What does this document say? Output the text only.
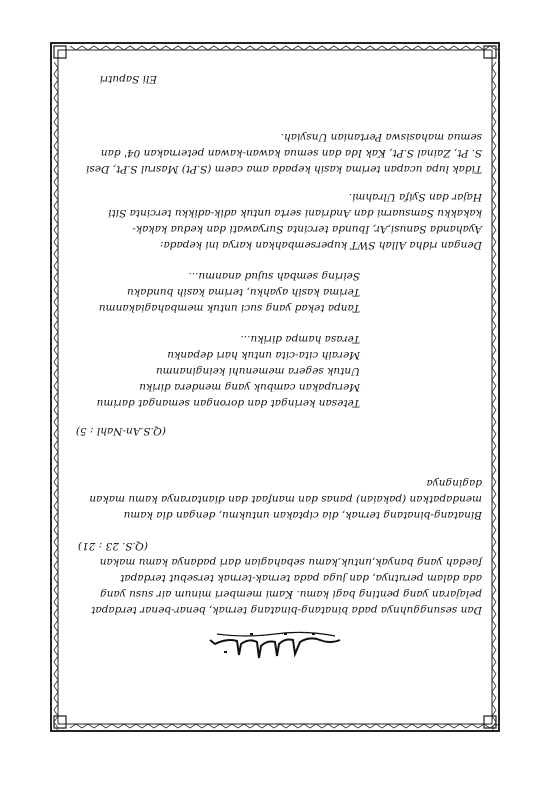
Dan sesungguhnya pada binatang-binatang ternak, benar-benar terdapat
pelajaran yang penting bagi kamu. Kami memberi minum air susu yang
ada dalam perutnya, dan juga pada ternak-ternak tersebut terdapat
faedah yang banyak,untuk,kamu sebahagian dari padanya kamu makan
(Q.S. 23 : 21)
Binatang-binatang ternak, dia ciptakan untukmu, dengan dia kamu
mendapatkan (pakaian) panas dan manfaat dan diantaranya kamu makan
dagingnya
(Q.S.An-Nahl : 5)
Tetesan keringat dan dorongan semangat darimu
Merupakan cambuk yang mendera diriku
Untuk segera memenuhi keinginanmu
Meraih cita-cita untuk hari depanku
Terasa hampa diriku...
Tanpa tekad yang suci untuk membahagiakanmu
Terima kasih ayahku, terima kasih bundaku
Seiring sembah sujud ananmu...
Dengan ridha Allah SWT kupersembahkan karya ini kepada:
Ayahanda Sanusi,Ar, Ibunda tercinta Suryawati dan kedua kakak-
kakakku Samsuarni dan Andriani serta untuk adik-adikku tercinta Siti
Hajar dan Syifa Ulrahmi.
Tidak lupa ucapan terima kasih kepada ama caem (S.Pt) Masrul S.Pt, Desi
S. Pt, Zainal S.Pt, Kak Ida dan semua kawan-kawan peternakan 04' dan
semua mahasiswa Pertanian Unsyiah.
Eli Saputri
